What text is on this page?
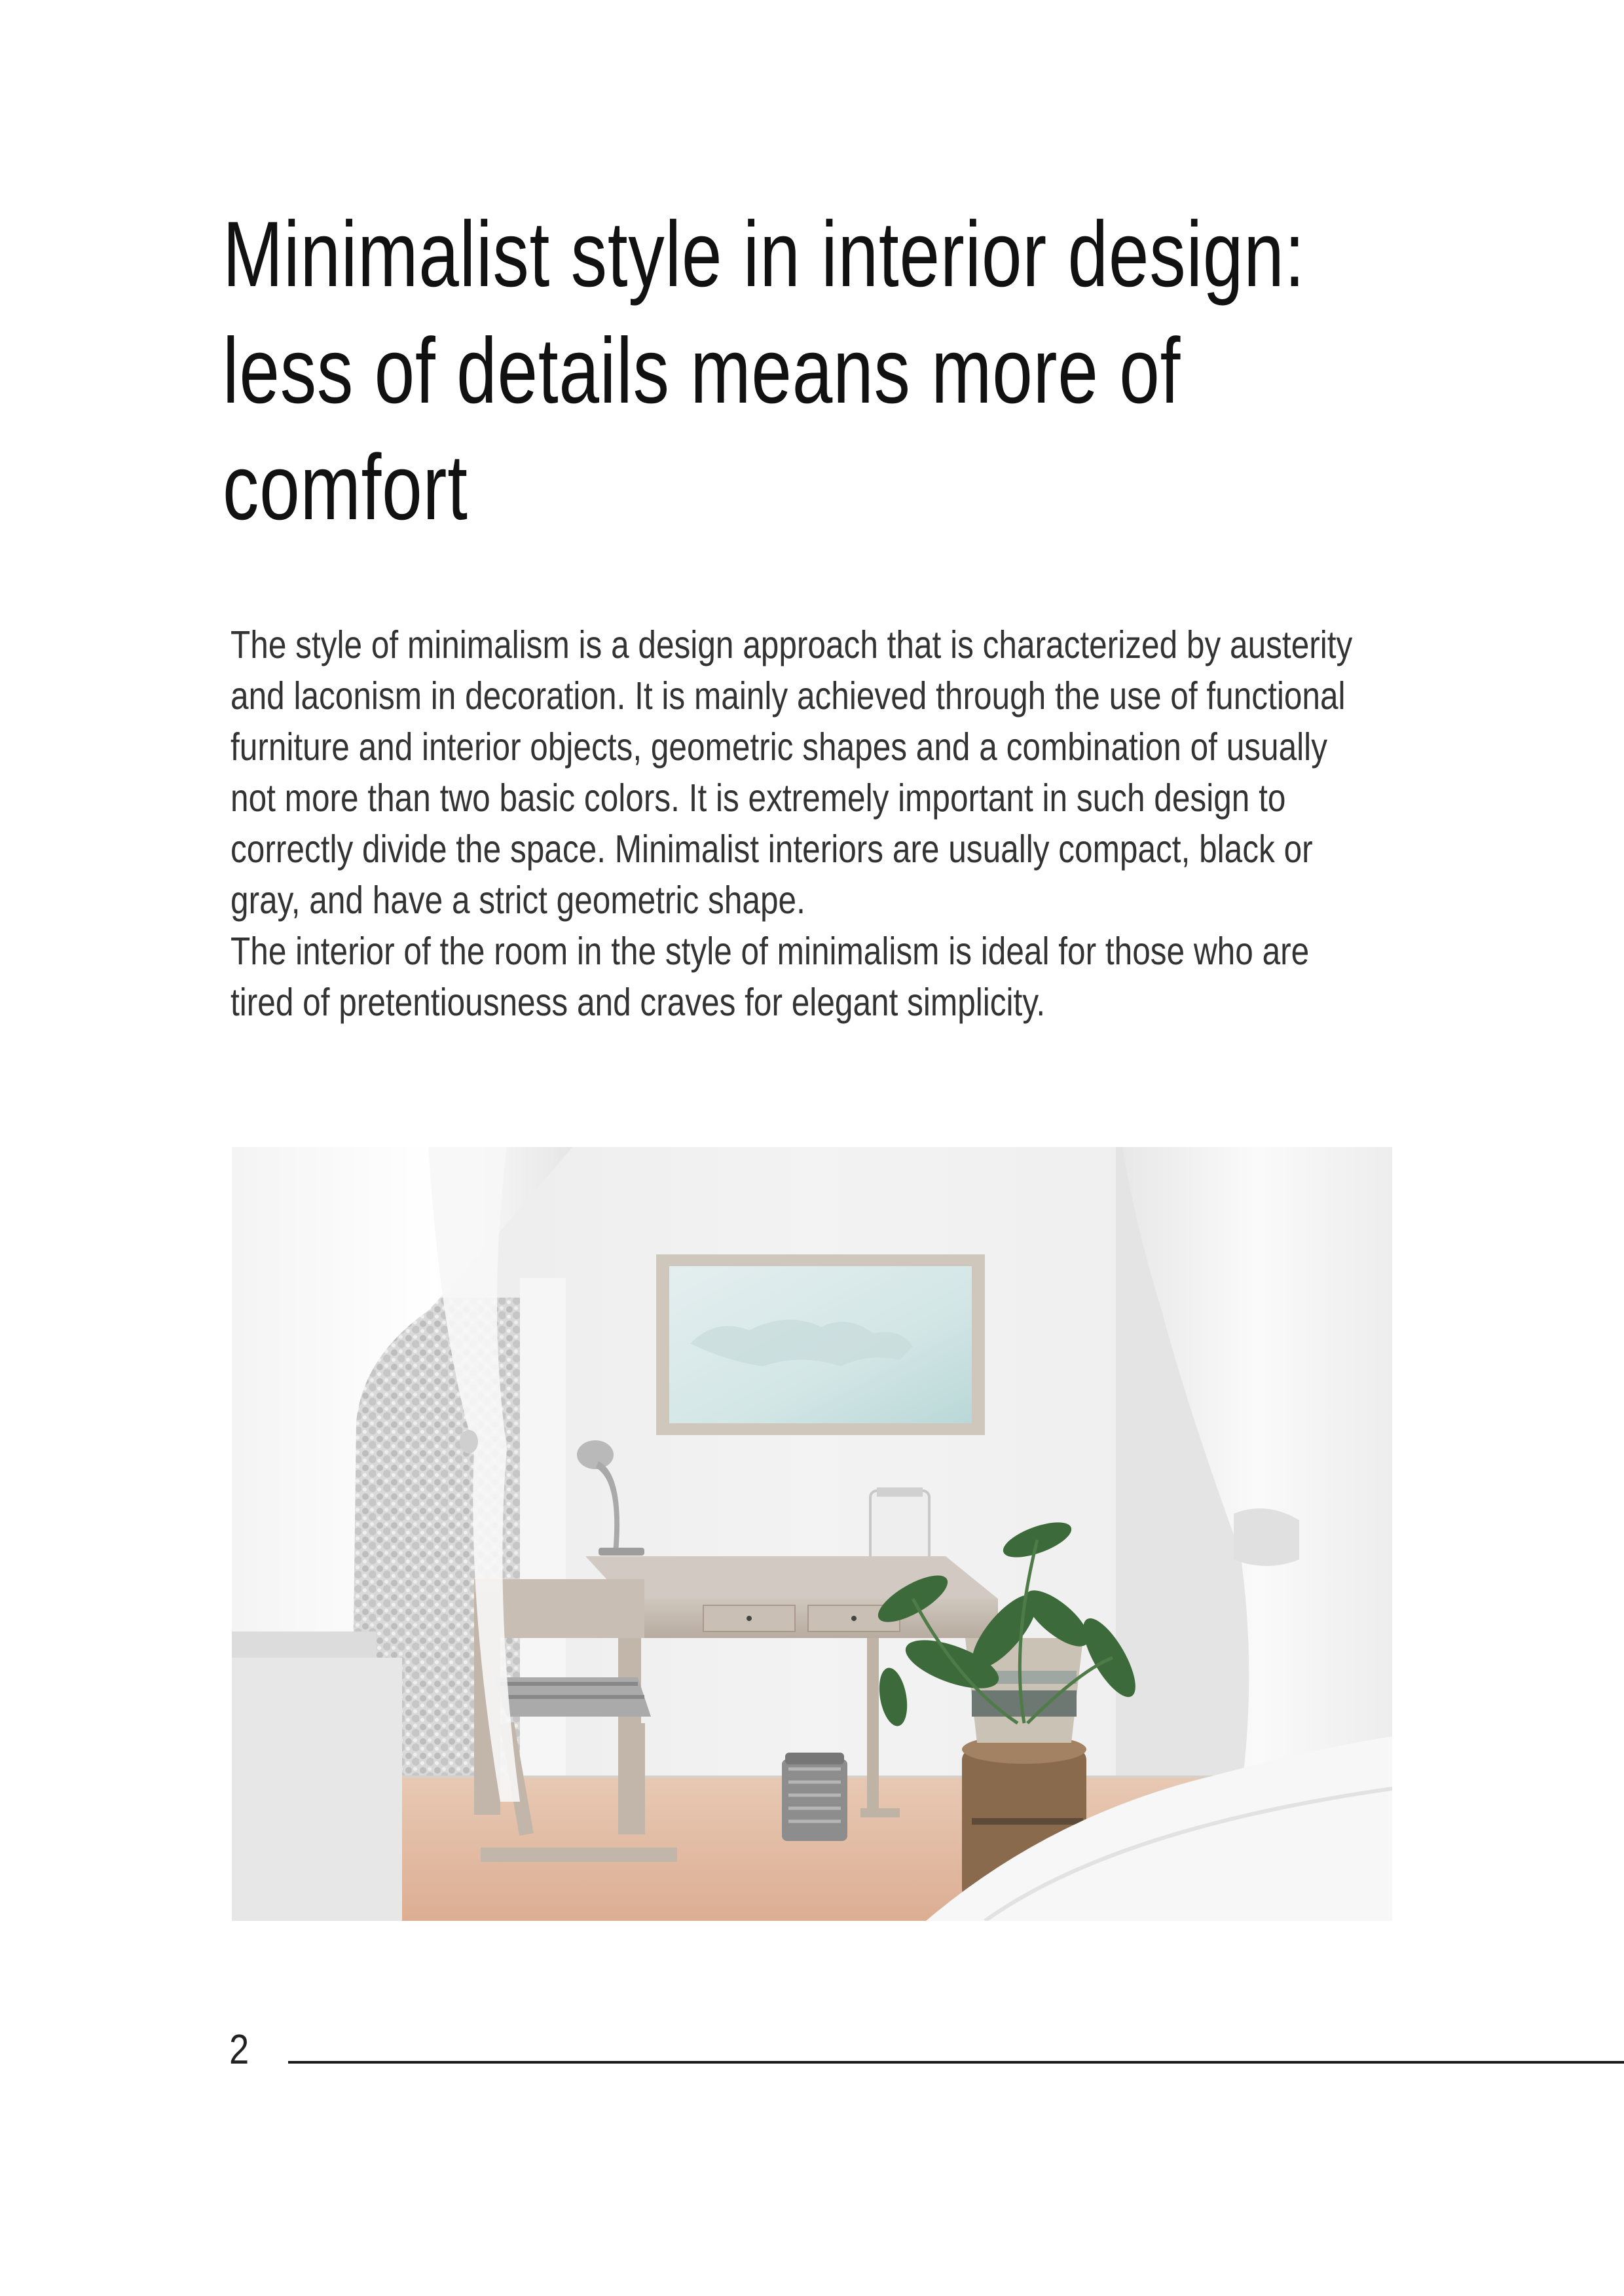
Minimalist style in interior design: less of details means more of comfort

The style of minimalism is a design approach that is characterized by austerity and laconism in decoration. It is mainly achieved through the use of functional furniture and interior objects, geometric shapes and a combination of usually not more than two basic colors. It is extremely important in such design to correctly divide the space. Minimalist interiors are usually compact, black or gray, and have a strict geometric shape.

The interior of the room in the style of minimalism is ideal for those who are tired of pretentiousness and craves for elegant simplicity.

2
